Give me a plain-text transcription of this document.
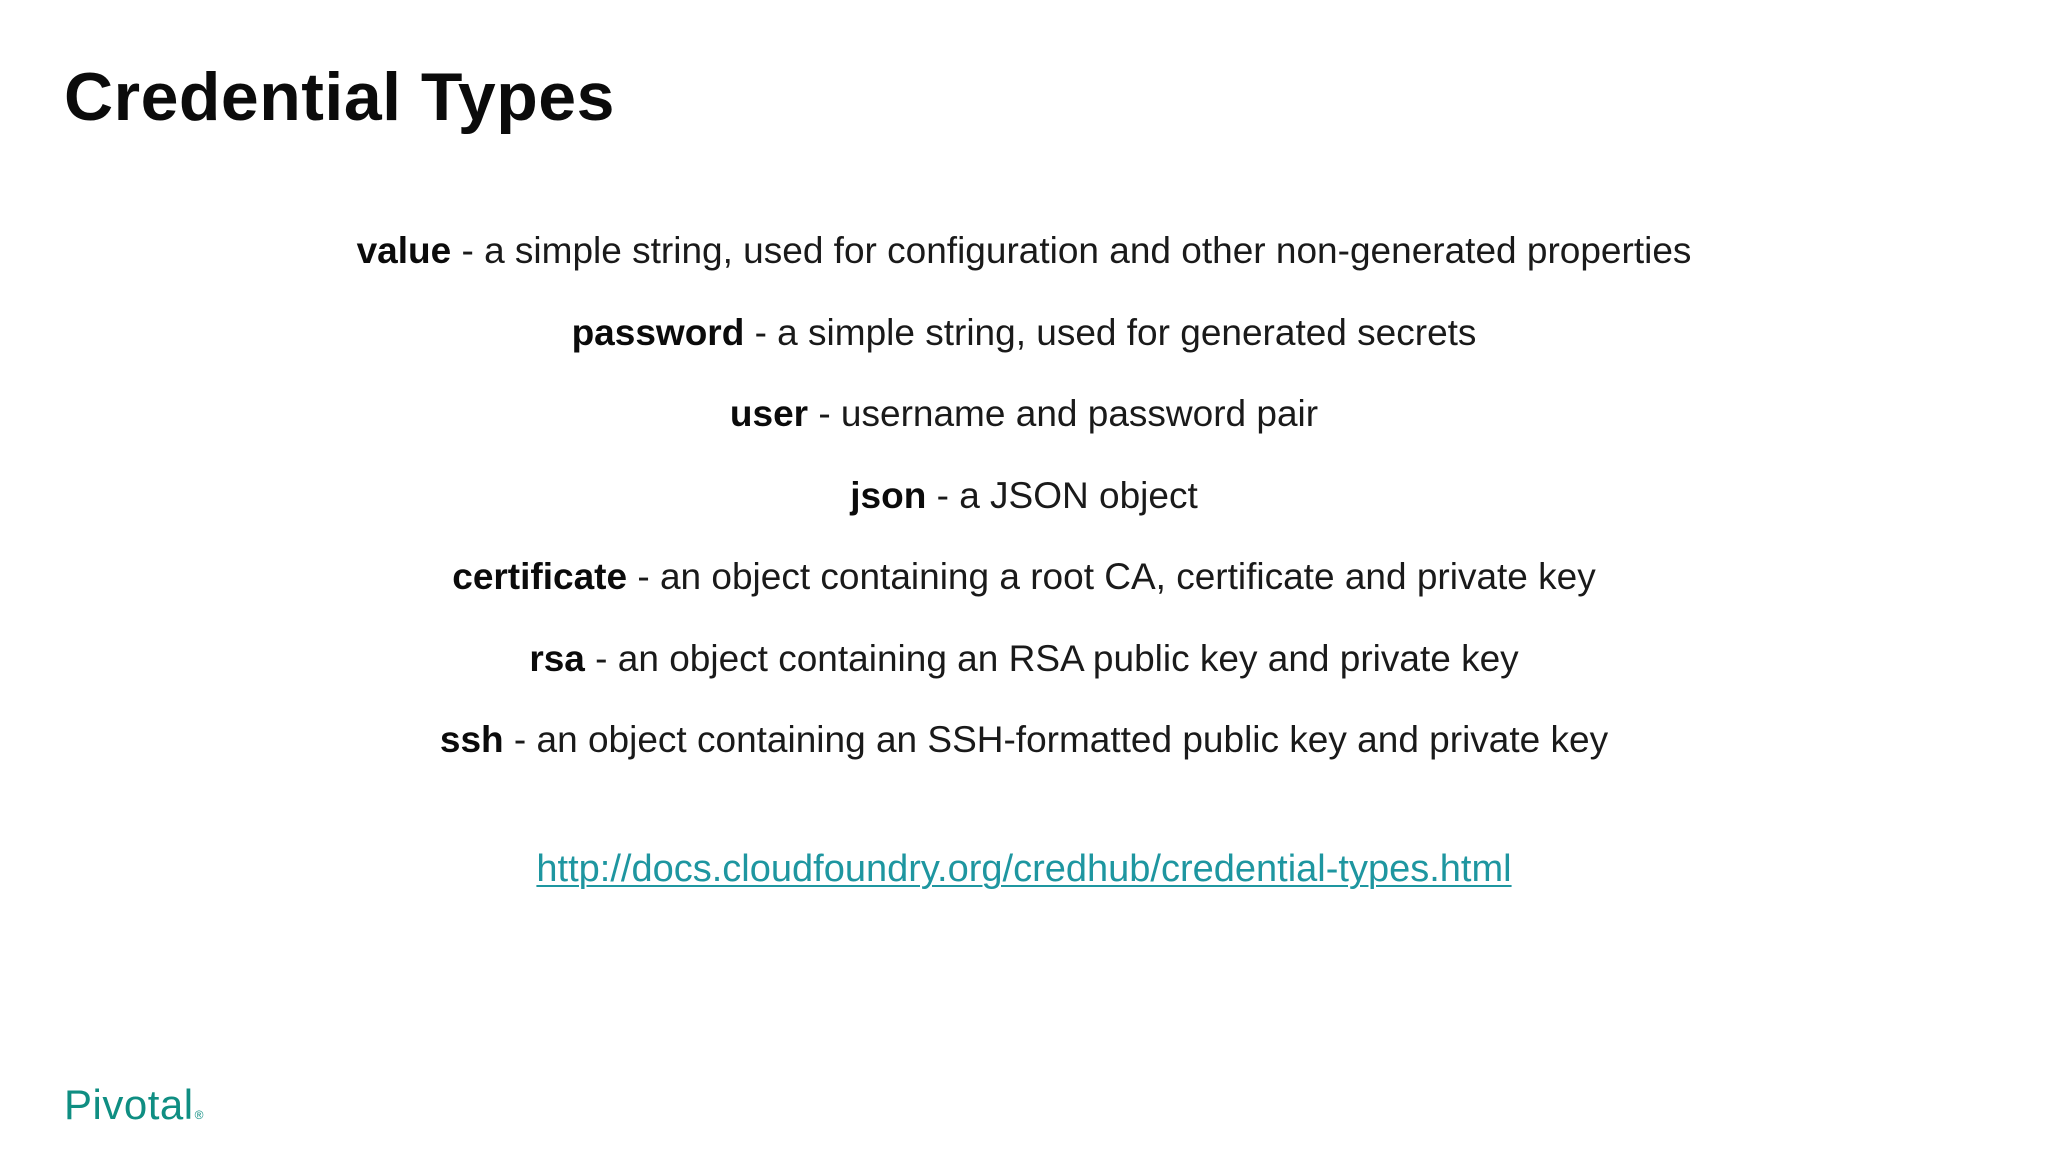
Credential Types
value - a simple string, used for configuration and other non-generated properties
password - a simple string, used for generated secrets
user - username and password pair
json - a JSON object
certificate - an object containing a root CA, certificate and private key
rsa - an object containing an RSA public key and private key
ssh - an object containing an SSH-formatted public key and private key
http://docs.cloudfoundry.org/credhub/credential-types.html
Pivotal®
